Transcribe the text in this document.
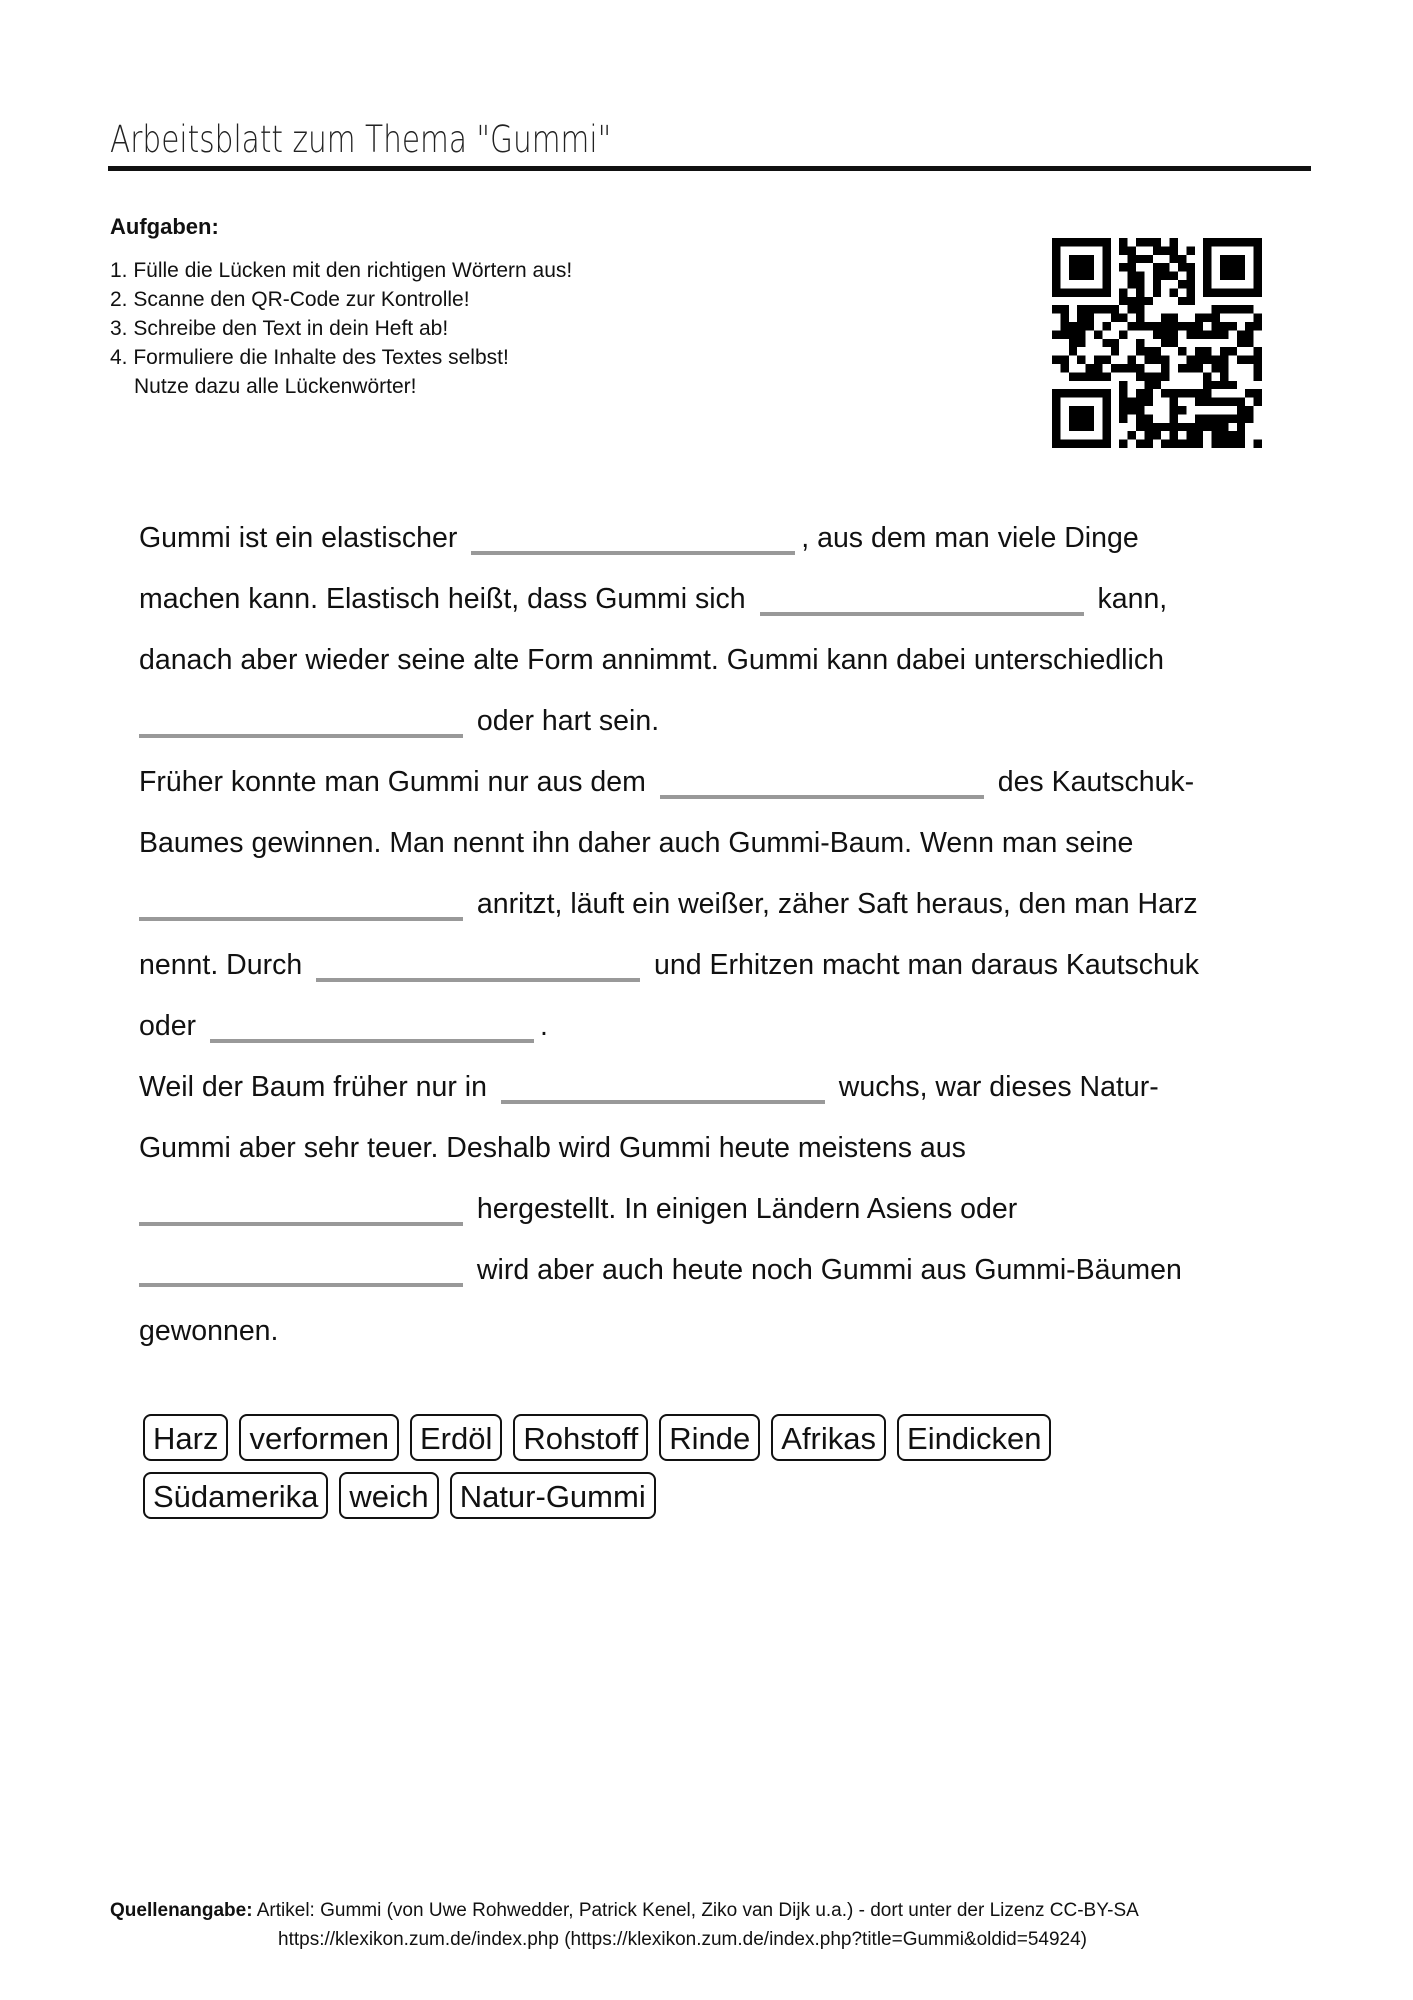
Arbeitsblatt zum Thema "Gummi"
Aufgaben:
1. Fülle die Lücken mit den richtigen Wörtern aus!
2. Scanne den QR-Code zur Kontrolle!
3. Schreibe den Text in dein Heft ab!
4. Formuliere die Inhalte des Textes selbst!
Nutze dazu alle Lückenwörter!
Gummi ist ein elastischer	, aus dem man viele Dinge
machen kann. Elastisch heißt, dass Gummi sich	kann,
danach aber wieder seine alte Form annimmt. Gummi kann dabei unterschiedlich
oder hart sein.
Früher konnte man Gummi nur aus dem	des Kautschuk-
Baumes gewinnen. Man nennt ihn daher auch Gummi-Baum. Wenn man seine
anritzt, läuft ein weißer, zäher Saft heraus, den man Harz
nennt. Durch	und Erhitzen macht man daraus Kautschuk
oder	.
Weil der Baum früher nur in	wuchs, war dieses Natur-
Gummi aber sehr teuer. Deshalb wird Gummi heute meistens aus
hergestellt. In einigen Ländern Asiens oder
wird aber auch heute noch Gummi aus Gummi-Bäumen
gewonnen.
Harz	verformen	Erdöl	Rohstoff	Rinde	Afrikas	Eindicken
Südamerika	weich	Natur-Gummi
Quellenangabe: Artikel: Gummi (von Uwe Rohwedder, Patrick Kenel, Ziko van Dijk u.a.) - dort unter der Lizenz CC-BY-SA
https://klexikon.zum.de/index.php (https://klexikon.zum.de/index.php?title=Gummi&oldid=54924)
